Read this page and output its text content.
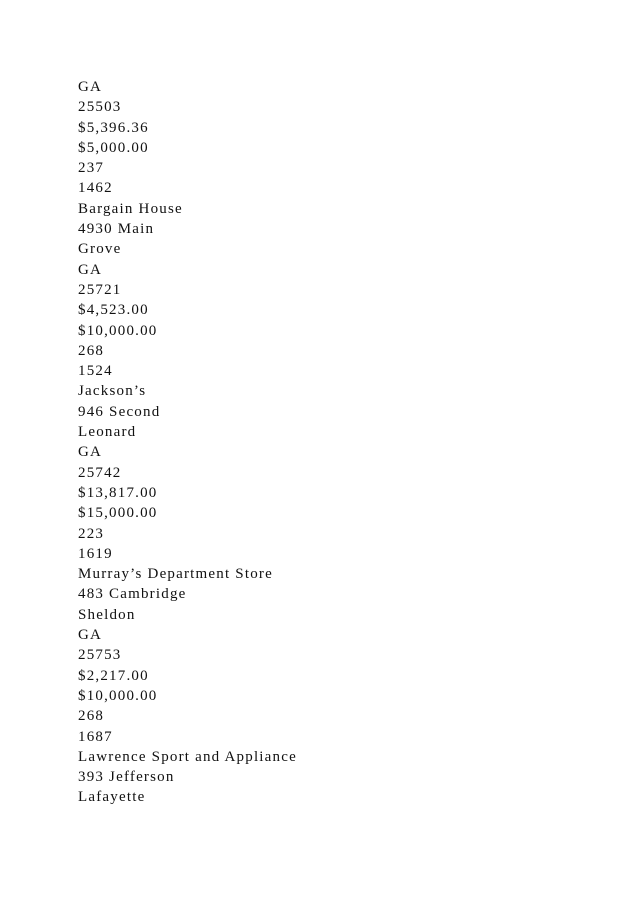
GA
25503
$5,396.36
$5,000.00
237
1462
Bargain House
4930 Main
Grove
GA
25721
$4,523.00
$10,000.00
268
1524
Jackson’s
946 Second
Leonard
GA
25742
$13,817.00
$15,000.00
223
1619
Murray’s Department Store
483 Cambridge
Sheldon
GA
25753
$2,217.00
$10,000.00
268
1687
Lawrence Sport and Appliance
393 Jefferson
Lafayette
